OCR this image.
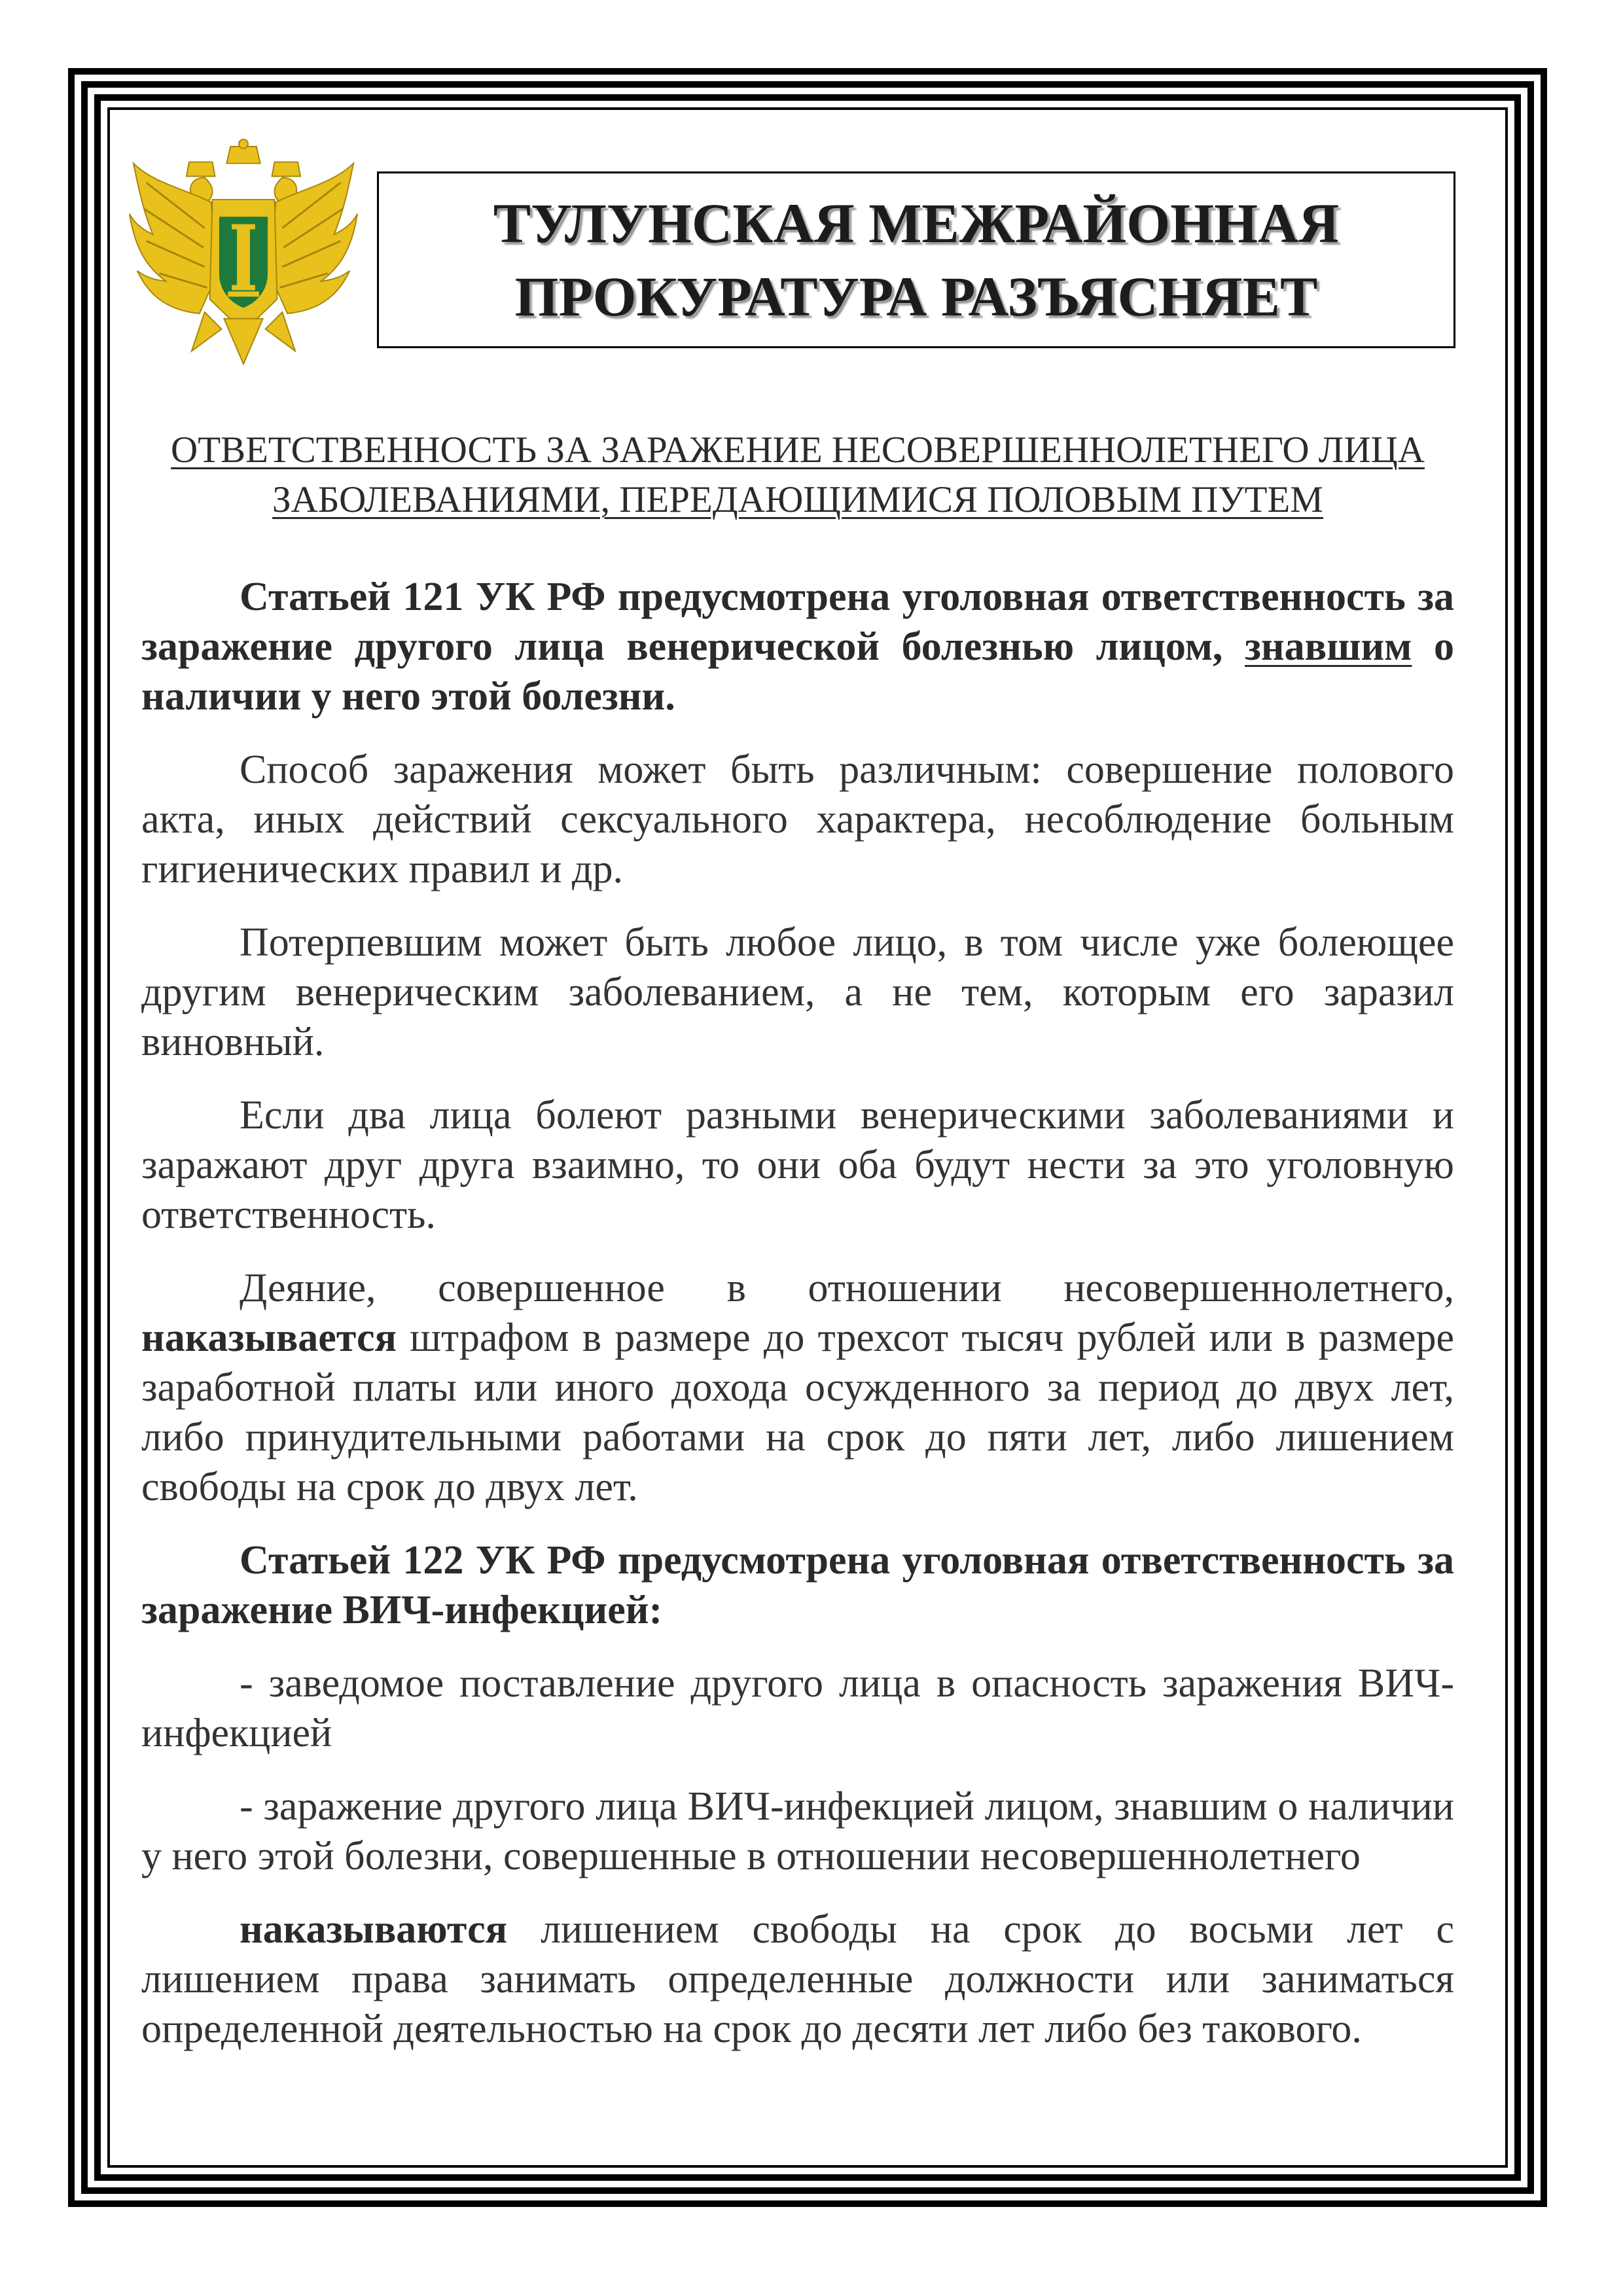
ТУЛУНСКАЯ МЕЖРАЙОННАЯ
ПРОКУРАТУРА РАЗЪЯСНЯЕТ
ОТВЕТСТВЕННОСТЬ ЗА ЗАРАЖЕНИЕ НЕСОВЕРШЕННОЛЕТНЕГО ЛИЦА
ЗАБОЛЕВАНИЯМИ, ПЕРЕДАЮЩИМИСЯ ПОЛОВЫМ ПУТЕМ

Статьей 121 УК РФ предусмотрена уголовная ответственность за заражение другого лица венерической болезнью лицом, знавшим о наличии у него этой болезни.

Способ заражения может быть различным: совершение полового акта, иных действий сексуального характера, несоблюдение больным гигиенических правил и др.

Потерпевшим может быть любое лицо, в том числе уже болеющее другим венерическим заболеванием, а не тем, которым его заразил виновный.

Если два лица болеют разными венерическими заболеваниями и заражают друг друга взаимно, то они оба будут нести за это уголовную ответственность.

Деяние, совершенное в отношении несовершеннолетнего,
наказывается штрафом в размере до трехсот тысяч рублей или в размере заработной платы или иного дохода осужденного за период до двух лет, либо принудительными работами на срок до пяти лет, либо лишением свободы на срок до двух лет.

Статьей 122 УК РФ предусмотрена уголовная ответственность за заражение ВИЧ-инфекцией:

- заведомое поставление другого лица в опасность заражения ВИЧ-инфекцией

- заражение другого лица ВИЧ-инфекцией лицом, знавшим о наличии у него этой болезни, совершенные в отношении несовершеннолетнего

наказываются лишением свободы на срок до восьми лет с лишением права занимать определенные должности или заниматься определенной деятельностью на срок до десяти лет либо без такового.
